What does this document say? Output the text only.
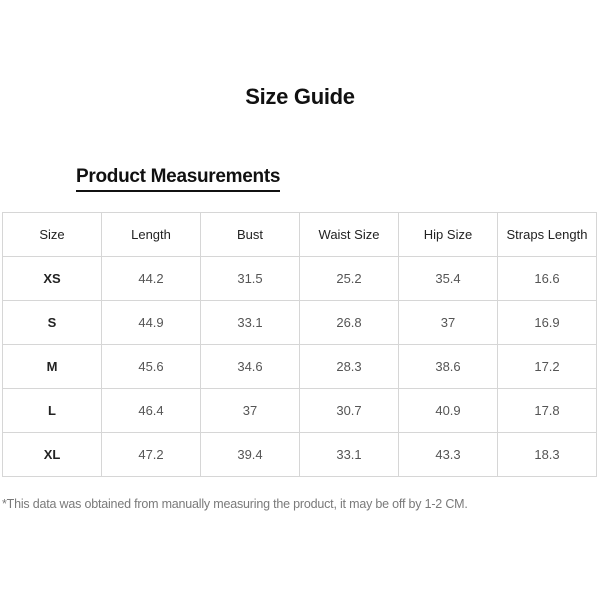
Size Guide
Product Measurements
Size	Length	Bust	Waist Size	Hip Size	Straps Length
XS	44.2	31.5	25.2	35.4	16.6
S	44.9	33.1	26.8	37	16.9
M	45.6	34.6	28.3	38.6	17.2
L	46.4	37	30.7	40.9	17.8
XL	47.2	39.4	33.1	43.3	18.3
*This data was obtained from manually measuring the product, it may be off by 1-2 CM.
